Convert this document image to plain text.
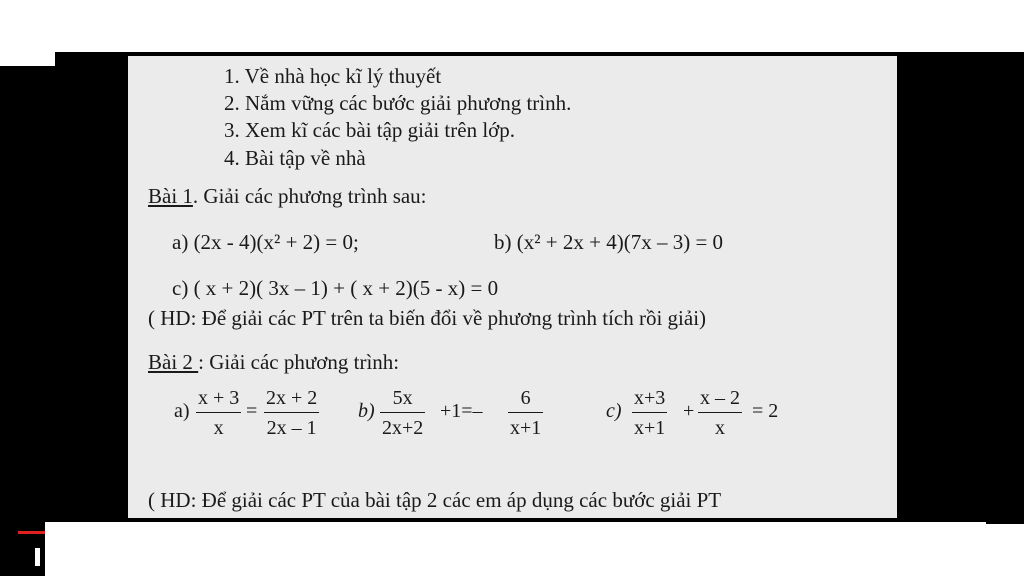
1. Về nhà học kĩ lý thuyết
2. Nắm vững các bước giải phương trình.
3. Xem kĩ các bài tập giải trên lớp.
4. Bài tập về nhà
Bài 1. Giải các phương trình sau:
a) (2x - 4)(x² + 2) = 0;	b) (x² + 2x + 4)(7x – 3) = 0
c) ( x + 2)( 3x – 1) + ( x + 2)(5 - x) = 0
( HD: Để giải các PT trên ta biến đổi về phương trình tích rồi giải)
Bài 2 : Giải các phương trình:
a)
x + 3
x
=
2x + 2
2x – 1
b)
5x
2x+2
+1=–
6
x+1
c)
x+3
x+1
+
x – 2
x
= 2
( HD: Để giải các PT của bài tập 2 các em áp dụng các bước giải PT
